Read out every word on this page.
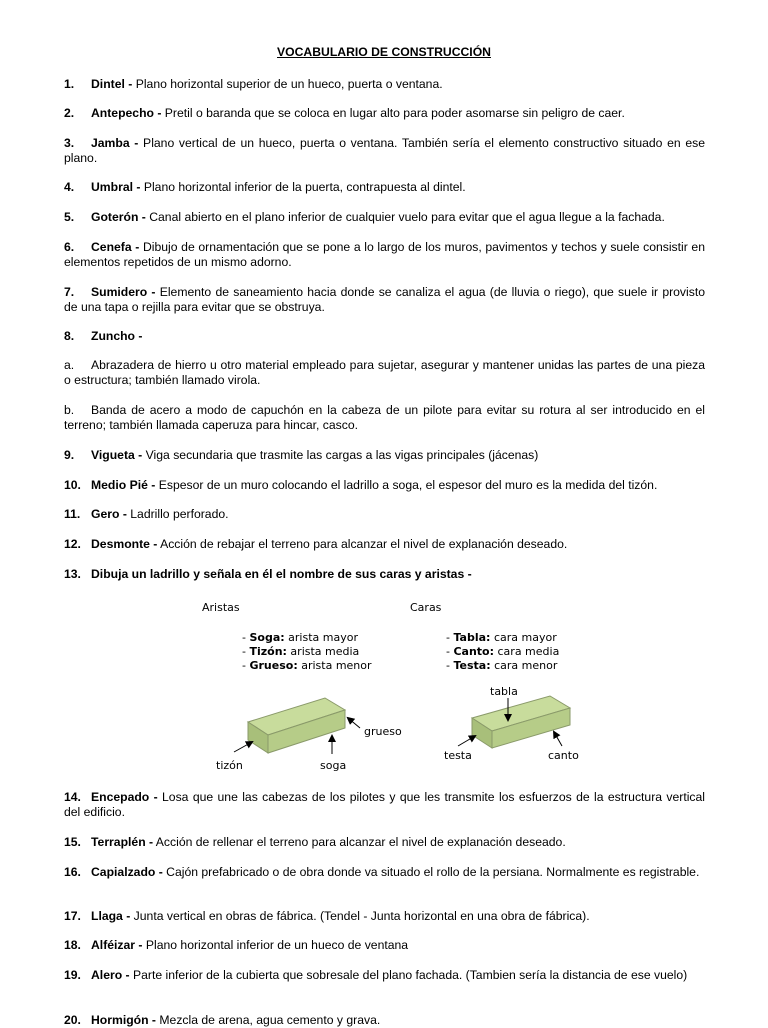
VOCABULARIO DE CONSTRUCCIÓN
1. Dintel - Plano horizontal superior de un hueco, puerta o ventana.
2. Antepecho - Pretil o baranda que se coloca en lugar alto para poder asomarse sin peligro de caer.
3. Jamba - Plano vertical de un hueco, puerta o ventana. También sería el elemento constructivo situado en ese plano.
4. Umbral - Plano horizontal inferior de la puerta, contrapuesta al dintel.
5. Goterón - Canal abierto en el plano inferior de cualquier vuelo para evitar que el agua llegue a la fachada.
6. Cenefa - Dibujo de ornamentación que se pone a lo largo de los muros, pavimentos y techos y suele consistir en elementos repetidos de un mismo adorno.
7. Sumidero - Elemento de saneamiento hacia donde se canaliza el agua (de lluvia o riego), que suele ir provisto de una tapa o rejilla para evitar que se obstruya.
8. Zuncho -
a. Abrazadera de hierro u otro material empleado para sujetar, asegurar y mantener unidas las partes de una pieza o estructura; también llamado virola.
b. Banda de acero a modo de capuchón en la cabeza de un pilote para evitar su rotura al ser introducido en el terreno; también llamada caperuza para hincar, casco.
9. Vigueta - Viga secundaria que trasmite las cargas a las vigas principales (jácenas)
10. Medio Pié - Espesor de un muro colocando el ladrillo a soga, el espesor del muro es la medida del tizón.
11. Gero - Ladrillo perforado.
12. Desmonte - Acción de rebajar el terreno para alcanzar el nivel de explanación deseado.
13. Dibuja un ladrillo y señala en él el nombre de sus caras y aristas -
Aristas	Caras
- Soga: arista mayor
- Tizón: arista media
- Grueso: arista menor
- Tabla: cara mayor
- Canto: cara media
- Testa: cara menor
grueso
tizón	soga
tabla
testa	canto
14. Encepado - Losa que une las cabezas de los pilotes y que les transmite los esfuerzos de la estructura vertical del edificio.
15. Terraplén - Acción de rellenar el terreno para alcanzar el nivel de explanación deseado.
16. Capialzado - Cajón prefabricado o de obra donde va situado el rollo de la persiana. Normalmente es registrable.
17. Llaga - Junta vertical en obras de fábrica. (Tendel - Junta horizontal en una obra de fábrica).
18. Alféizar - Plano horizontal inferior de un hueco de ventana
19. Alero - Parte inferior de la cubierta que sobresale del plano fachada. (Tambien sería la distancia de ese vuelo)
20. Hormigón - Mezcla de arena, agua cemento y grava.
